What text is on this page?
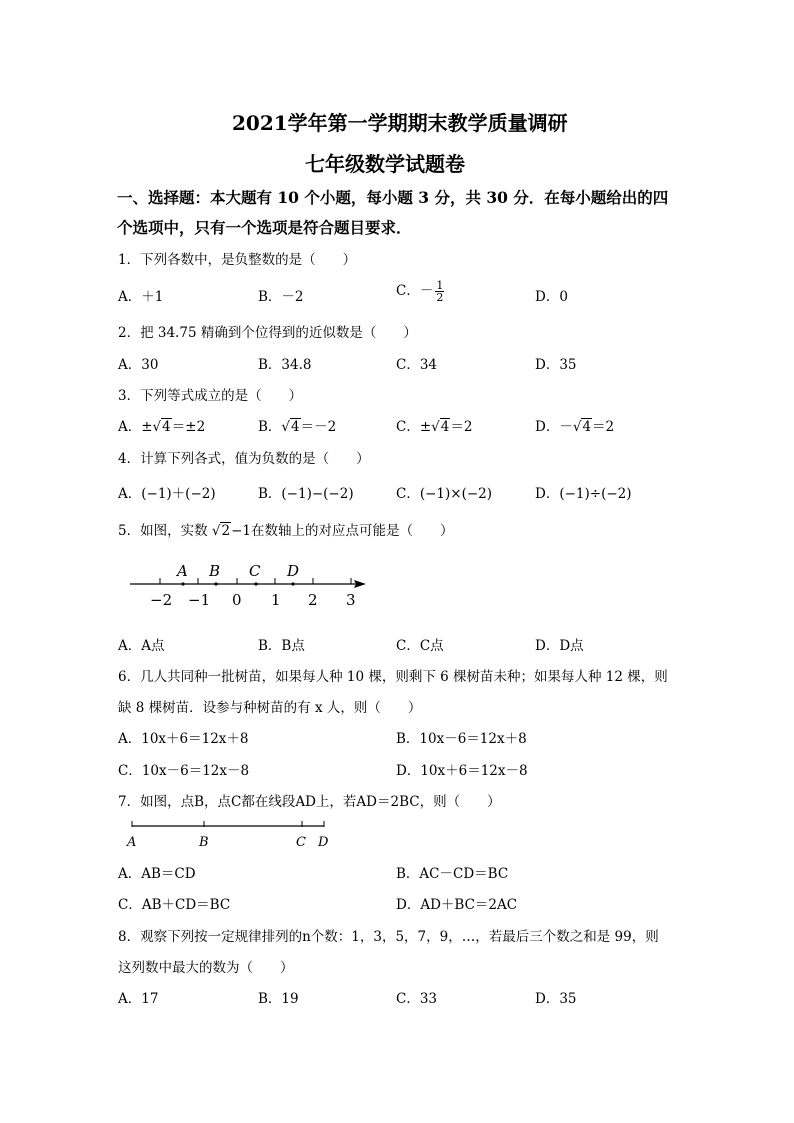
2021学年第一学期期末教学质量调研
七年级数学试题卷
一、选择题：本大题有 10 个小题，每小题 3 分，共 30 分．在每小题给出的四
个选项中，只有一个选项是符合题目要求．
1．下列各数中，是负整数的是（　　）
A．＋1	B．－2	C．－ $\frac{1}{2}$	D．0
2．把 34.75 精确到个位得到的近似数是（　　）
A．30	B．34.8	C．34	D．35
3．下列等式成立的是（　　）
A．±√4＝±2	B．√4＝－2	C．±√4＝2	D．－√4＝2
4．计算下列各式，值为负数的是（　　）
A．(−1)＋(−2)	B．(−1)−(−2)	C．(−1)×(−2)	D．(−1)÷(−2)
5．如图，实数 √2−1在数轴上的对应点可能是（　　）
A B C D
−2 −1 0 1 2 3
A．A点	B．B点	C．C点	D．D点
6．几人共同种一批树苗，如果每人种 10 棵，则剩下 6 棵树苗未种；如果每人种 12 棵，则
缺 8 棵树苗．设参与种树苗的有 x 人，则（　　）
A．10x＋6＝12x＋8	B．10x－6＝12x＋8
C．10x－6＝12x－8	D．10x＋6＝12x－8
7．如图，点B，点C都在线段AD上，若AD＝2BC，则（　　）
A	B	C D
A．AB＝CD	B．AC－CD＝BC
C．AB＋CD＝BC	D．AD＋BC＝2AC
8．观察下列按一定规律排列的n个数：1，3，5，7，9，…，若最后三个数之和是 99，则
这列数中最大的数为（　　）
A．17	B．19	C．33	D．35
